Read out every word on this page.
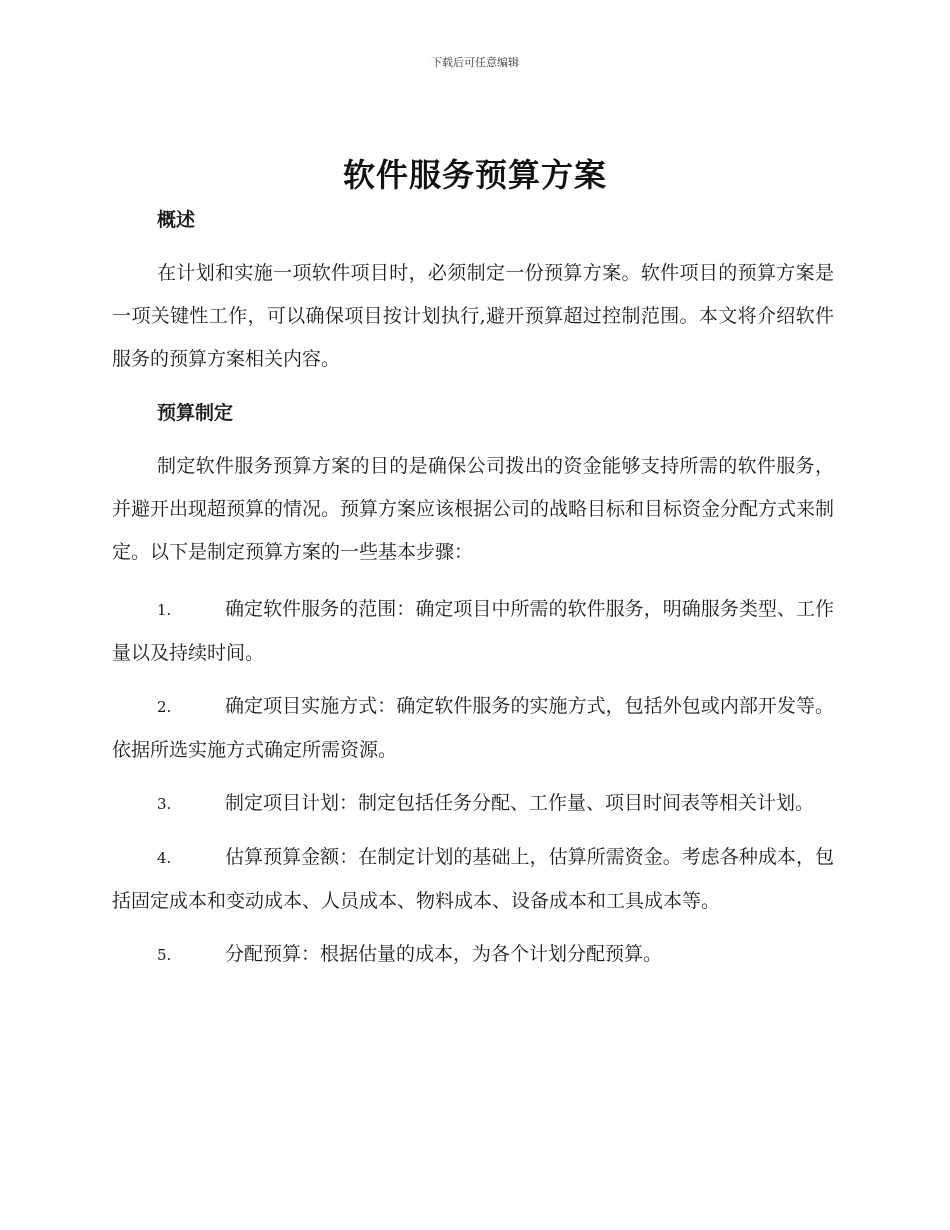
下载后可任意编辑
软件服务预算方案
概述

在计划和实施一项软件项目时，必须制定一份预算方案。软件项目的预算方案是一项关键性工作，可以确保项目按计划执行,避开预算超过控制范围。本文将介绍软件服务的预算方案相关内容。

预算制定

制定软件服务预算方案的目的是确保公司拨出的资金能够支持所需的软件服务，并避开出现超预算的情况。预算方案应该根据公司的战略目标和目标资金分配方式来制定。以下是制定预算方案的一些基本步骤：

1.	确定软件服务的范围：确定项目中所需的软件服务，明确服务类型、工作量以及持续时间。

2.	确定项目实施方式：确定软件服务的实施方式，包括外包或内部开发等。依据所选实施方式确定所需资源。

3.	制定项目计划：制定包括任务分配、工作量、项目时间表等相关计划。

4.	估算预算金额：在制定计划的基础上，估算所需资金。考虑各种成本，包括固定成本和变动成本、人员成本、物料成本、设备成本和工具成本等。

5.	分配预算：根据估量的成本，为各个计划分配预算。
